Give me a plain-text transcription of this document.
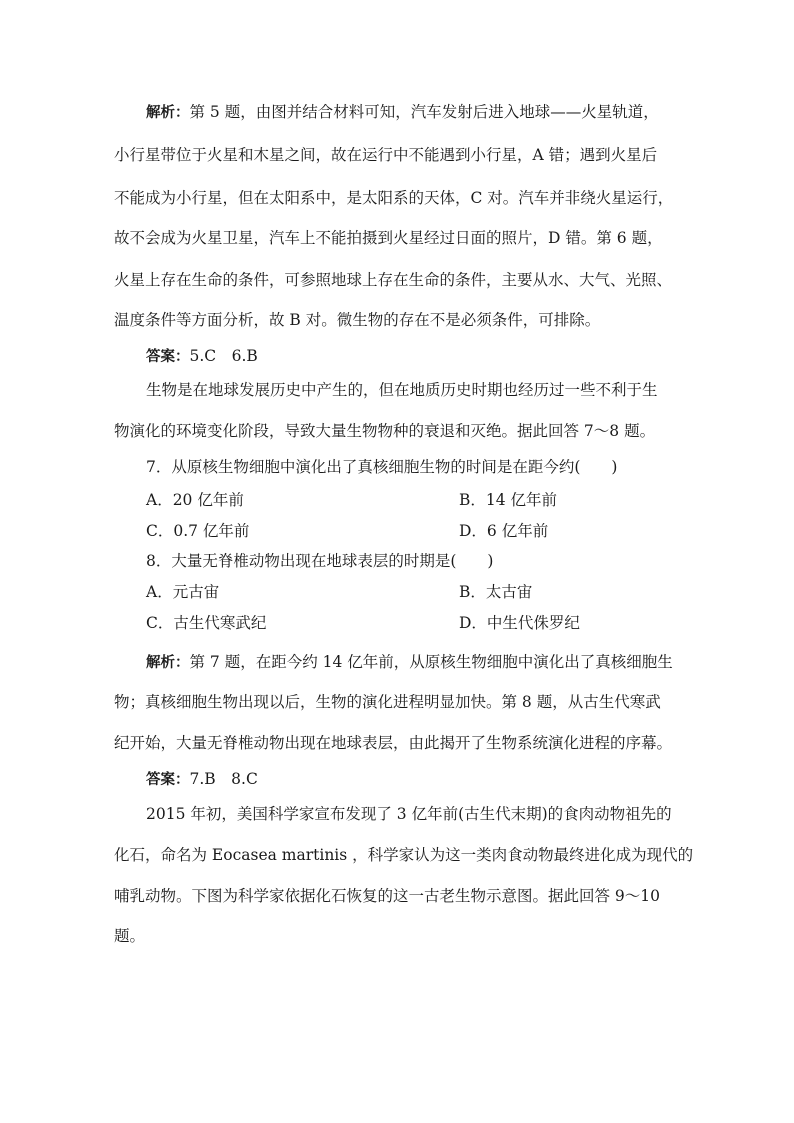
解析：第 5 题，由图并结合材料可知，汽车发射后进入地球——火星轨道，
小行星带位于火星和木星之间，故在运行中不能遇到小行星，A 错；遇到火星后
不能成为小行星，但在太阳系中，是太阳系的天体，C 对。汽车并非绕火星运行，
故不会成为火星卫星，汽车上不能拍摄到火星经过日面的照片，D 错。第 6 题，
火星上存在生命的条件，可参照地球上存在生命的条件，主要从水、大气、光照、
温度条件等方面分析，故 B 对。微生物的存在不是必须条件，可排除。
答案：5.C　6.B
生物是在地球发展历史中产生的，但在地质历史时期也经历过一些不利于生
物演化的环境变化阶段，导致大量生物物种的衰退和灭绝。据此回答 7～8 题。
7．从原核生物细胞中演化出了真核细胞生物的时间是在距今约(　　)
A．20 亿年前	B．14 亿年前
C．0.7 亿年前	D．6 亿年前
8．大量无脊椎动物出现在地球表层的时期是(　　)
A．元古宙	B．太古宙
C．古生代寒武纪	D．中生代侏罗纪
解析：第 7 题，在距今约 14 亿年前，从原核生物细胞中演化出了真核细胞生
物；真核细胞生物出现以后，生物的演化进程明显加快。第 8 题，从古生代寒武
纪开始，大量无脊椎动物出现在地球表层，由此揭开了生物系统演化进程的序幕。
答案：7.B　8.C
2015 年初，美国科学家宣布发现了 3 亿年前(古生代末期)的食肉动物祖先的
化石，命名为 Eocasea martinis ，科学家认为这一类肉食动物最终进化成为现代的
哺乳动物。下图为科学家依据化石恢复的这一古老生物示意图。据此回答 9～10
题。
